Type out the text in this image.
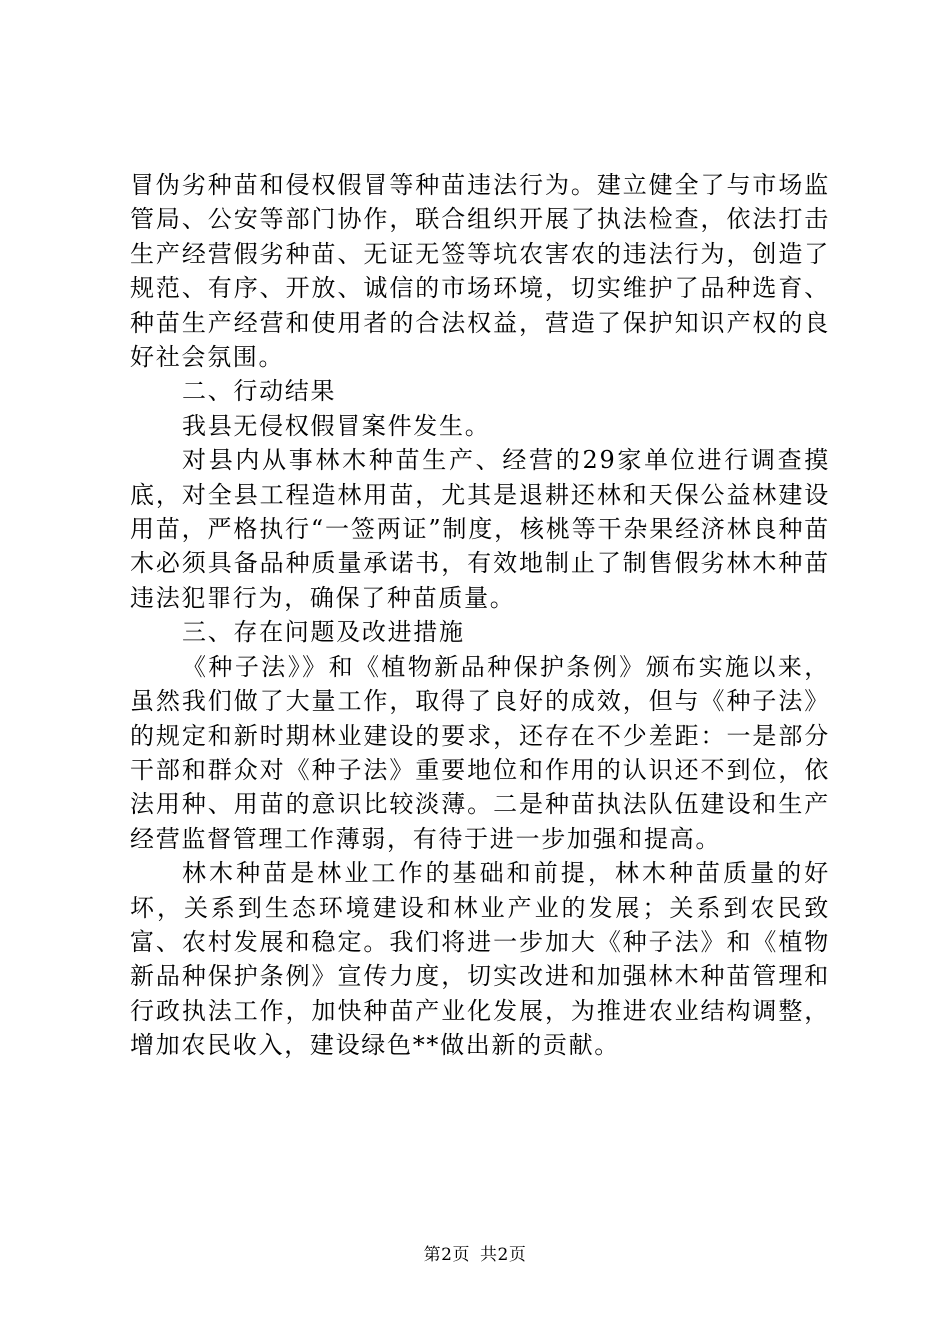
冒伪劣种苗和侵权假冒等种苗违法行为。建立健全了与市场监管局、公安等部门协作，联合组织开展了执法检查，依法打击生产经营假劣种苗、无证无签等坑农害农的违法行为，创造了规范、有序、开放、诚信的市场环境，切实维护了品种选育、种苗生产经营和使用者的合法权益，营造了保护知识产权的良好社会氛围。

二、行动结果

我县无侵权假冒案件发生。

对县内从事林木种苗生产、经营的29家单位进行调查摸底，对全县工程造林用苗，尤其是退耕还林和天保公益林建设用苗，严格执行“一签两证”制度，核桃等干杂果经济林良种苗木必须具备品种质量承诺书，有效地制止了制售假劣林木种苗违法犯罪行为，确保了种苗质量。

三、存在问题及改进措施

《种子法》》和《植物新品种保护条例》颁布实施以来，虽然我们做了大量工作，取得了良好的成效，但与《种子法》的规定和新时期林业建设的要求，还存在不少差距：一是部分干部和群众对《种子法》重要地位和作用的认识还不到位，依法用种、用苗的意识比较淡薄。二是种苗执法队伍建设和生产经营监督管理工作薄弱，有待于进一步加强和提高。

林木种苗是林业工作的基础和前提，林木种苗质量的好坏，关系到生态环境建设和林业产业的发展；关系到农民致富、农村发展和稳定。我们将进一步加大《种子法》和《植物新品种保护条例》宣传力度，切实改进和加强林木种苗管理和行政执法工作，加快种苗产业化发展，为推进农业结构调整，增加农民收入，建设绿色**做出新的贡献。

第2页 共2页
